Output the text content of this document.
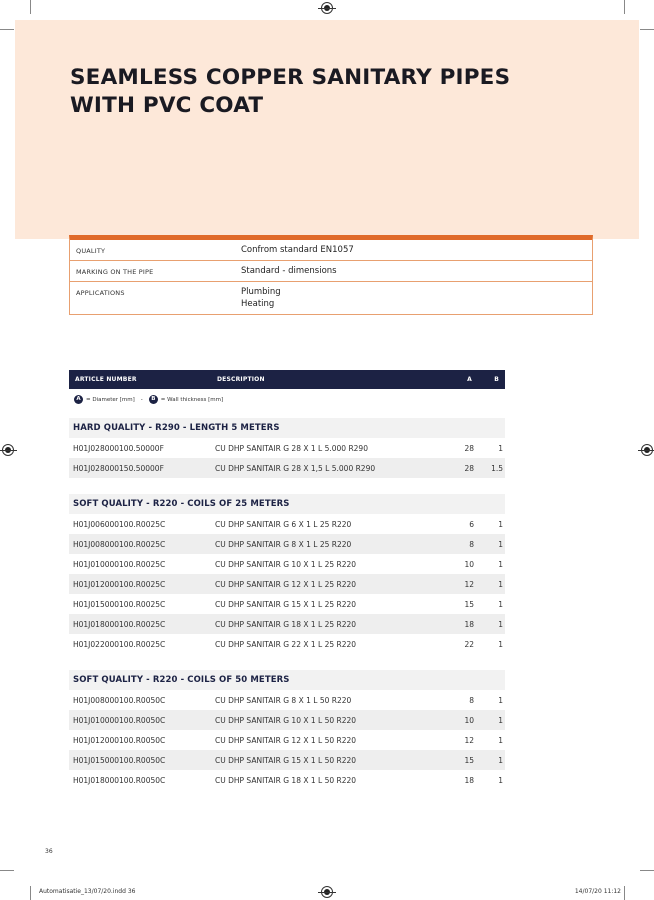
SEAMLESS COPPER SANITARY PIPES WITH PVC COAT
QUALITY	Confrom standard EN1057
MARKING ON THE PIPE	Standard - dimensions
APPLICATIONS	Plumbing
Heating
ARTICLE NUMBER	DESCRIPTION	A	B
A = Diameter [mm] -	B = Wall thickness [mm]
HARD QUALITY - R290 - LENGTH 5 METERS
H01J028000100.50000F	CU DHP SANITAIR G 28 X 1 L 5.000 R290	28	1
H01J028000150.50000F	CU DHP SANITAIR G 28 X 1,5 L 5.000 R290	28 1.5
SOFT QUALITY - R220 - COILS OF 25 METERS
H01J006000100.R0025C	CU DHP SANITAIR G 6 X 1 L 25 R220	6	1
H01J008000100.R0025C	CU DHP SANITAIR G 8 X 1 L 25 R220	8	1
H01J010000100.R0025C	CU DHP SANITAIR G 10 X 1 L 25 R220	10	1
H01J012000100.R0025C	CU DHP SANITAIR G 12 X 1 L 25 R220	12	1
H01J015000100.R0025C	CU DHP SANITAIR G 15 X 1 L 25 R220	15	1
H01J018000100.R0025C	CU DHP SANITAIR G 18 X 1 L 25 R220	18	1
H01J022000100.R0025C	CU DHP SANITAIR G 22 X 1 L 25 R220	22	1
SOFT QUALITY - R220 - COILS OF 50 METERS
H01J008000100.R0050C	CU DHP SANITAIR G 8 X 1 L 50 R220	8	1
H01J010000100.R0050C	CU DHP SANITAIR G 10 X 1 L 50 R220	10	1
H01J012000100.R0050C	CU DHP SANITAIR G 12 X 1 L 50 R220	12	1
H01J015000100.R0050C	CU DHP SANITAIR G 15 X 1 L 50 R220	15	1
H01J018000100.R0050C	CU DHP SANITAIR G 18 X 1 L 50 R220	18	1
36
Automatisatie_13/07/20.indd 36	14/07/20 11:12
